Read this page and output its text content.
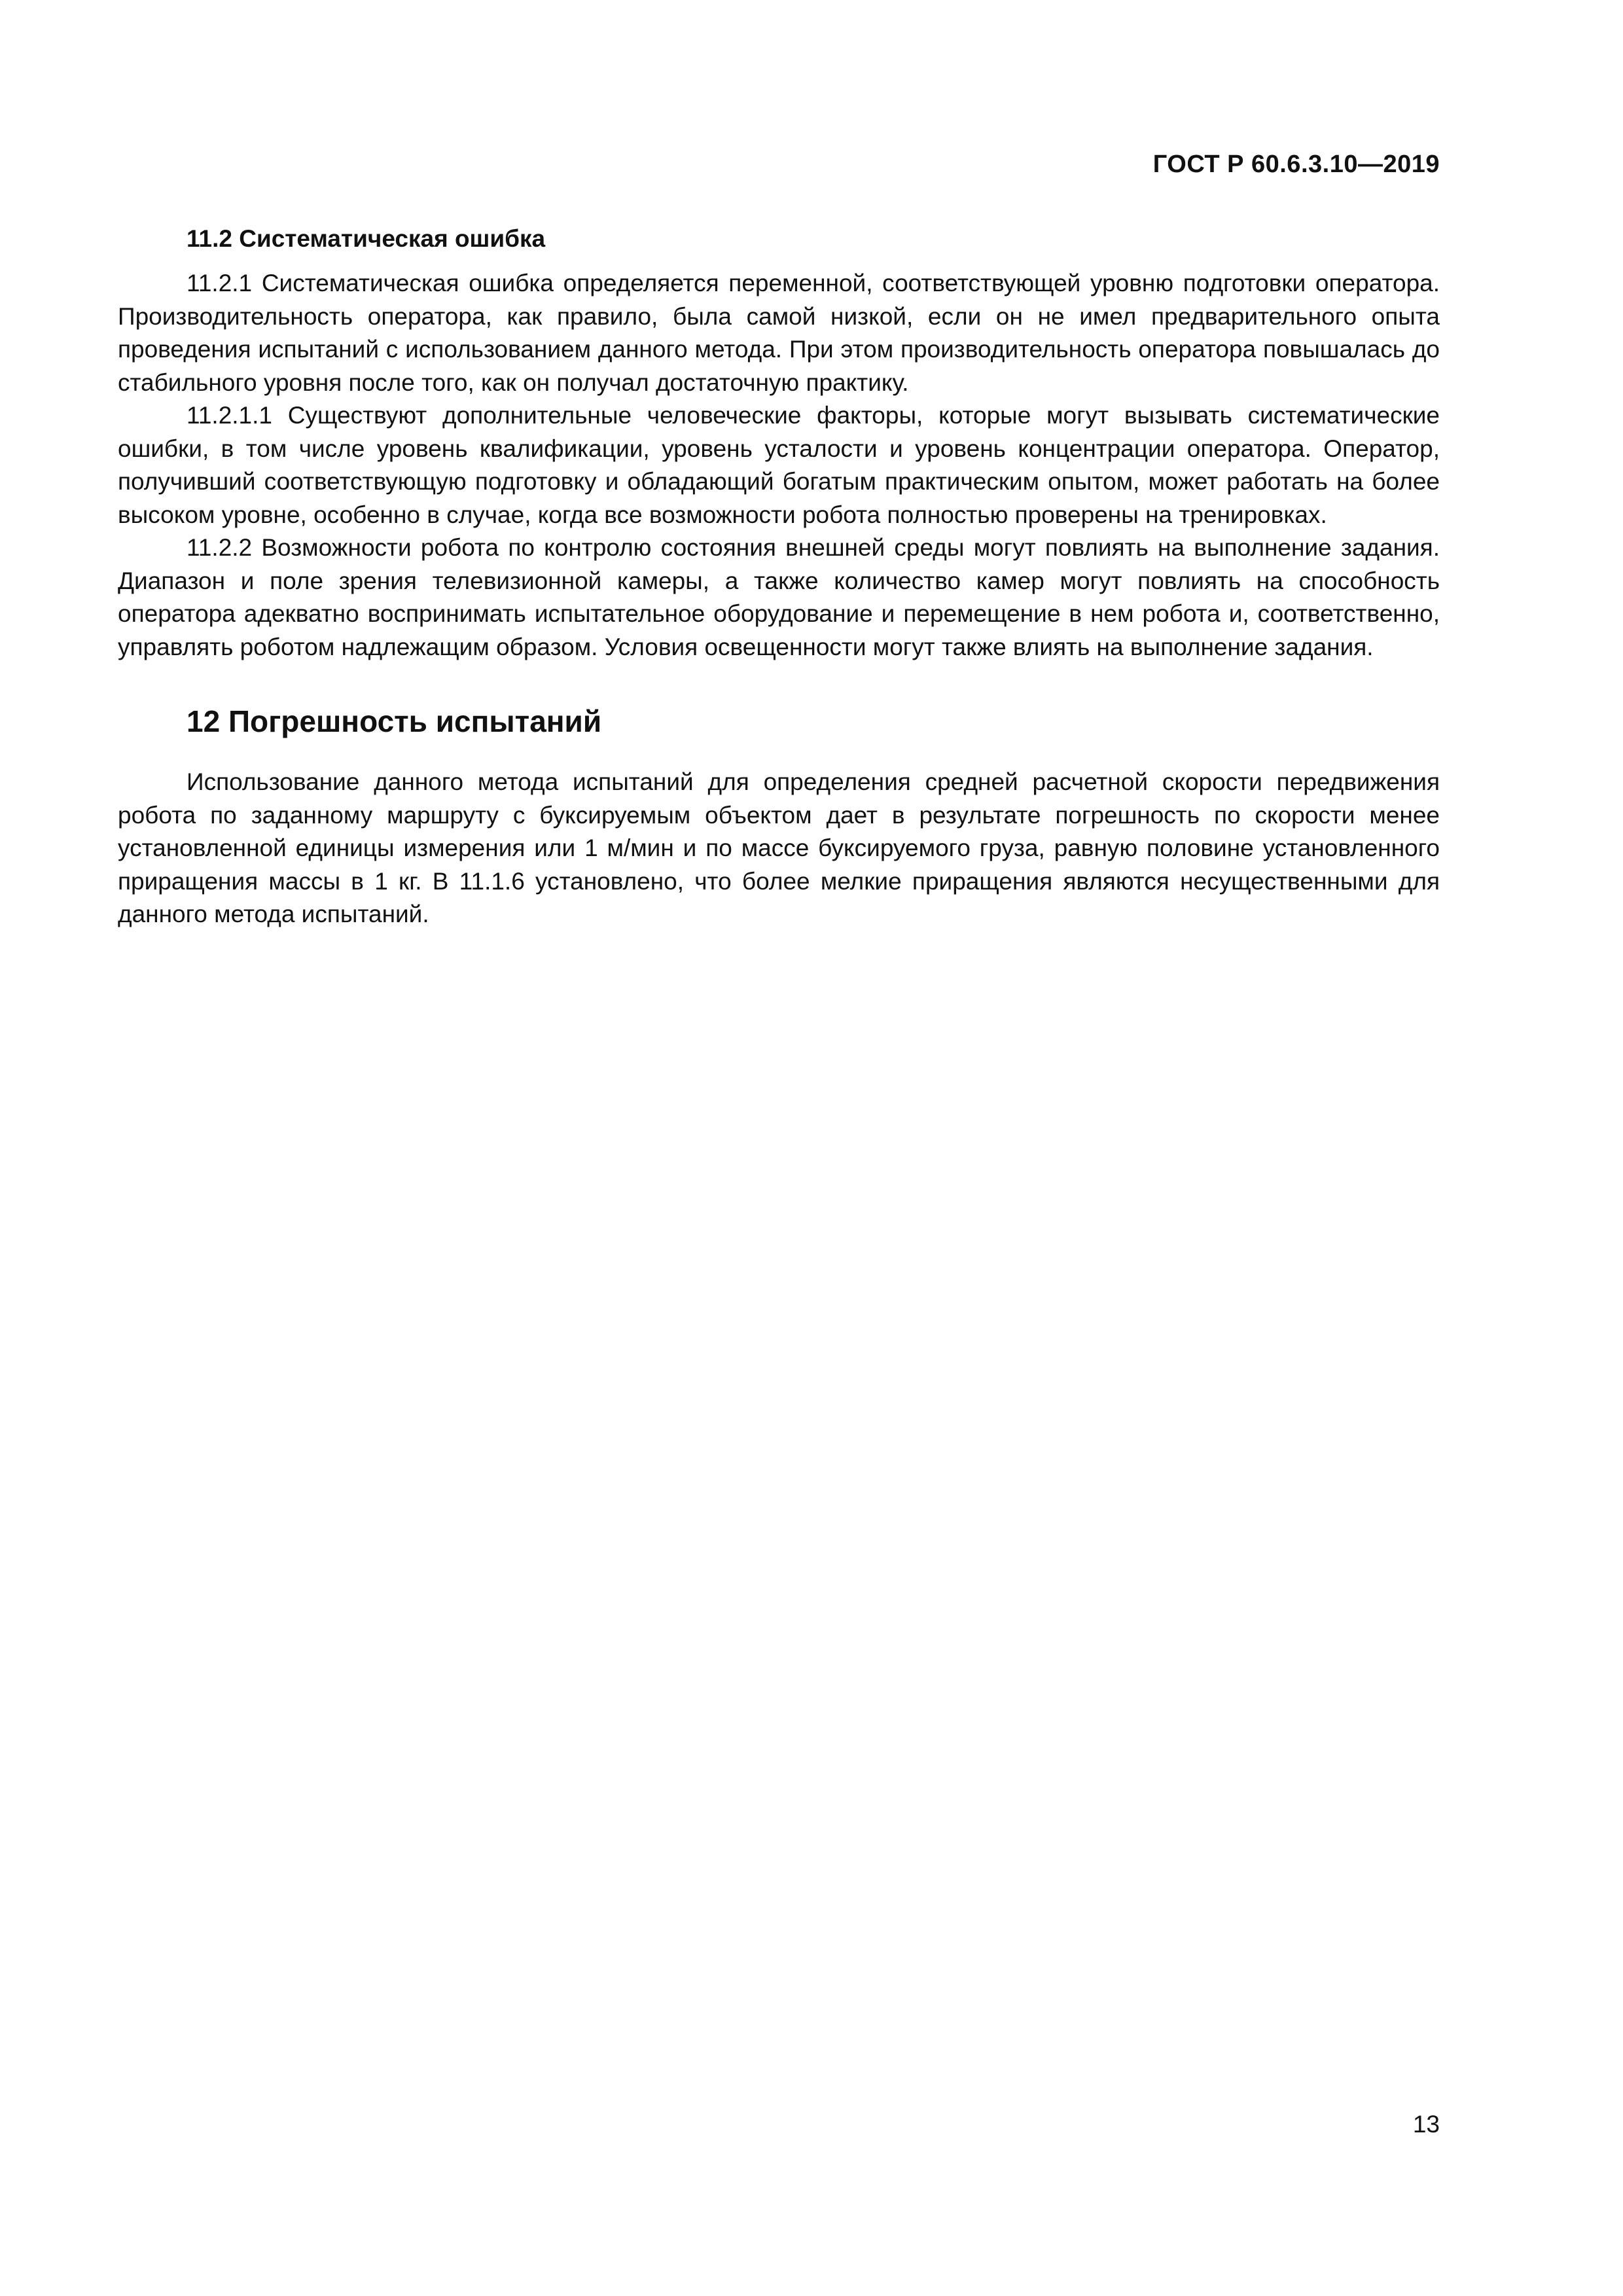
ГОСТ Р 60.6.3.10—2019
11.2 Систематическая ошибка

11.2.1 Систематическая ошибка определяется переменной, соответствующей уровню подготовки оператора. Производительность оператора, как правило, была самой низкой, если он не имел предварительного опыта проведения испытаний с использованием данного метода. При этом производительность оператора повышалась до стабильного уровня после того, как он получал достаточную практику.

11.2.1.1 Существуют дополнительные человеческие факторы, которые могут вызывать систематические ошибки, в том числе уровень квалификации, уровень усталости и уровень концентрации оператора. Оператор, получивший соответствующую подготовку и обладающий богатым практическим опытом, может работать на более высоком уровне, особенно в случае, когда все возможности робота полностью проверены на тренировках.

11.2.2 Возможности робота по контролю состояния внешней среды могут повлиять на выполнение задания. Диапазон и поле зрения телевизионной камеры, а также количество камер могут повлиять на способность оператора адекватно воспринимать испытательное оборудование и перемещение в нем робота и, соответственно, управлять роботом надлежащим образом. Условия освещенности могут также влиять на выполнение задания.

12 Погрешность испытаний

Использование данного метода испытаний для определения средней расчетной скорости передвижения робота по заданному маршруту с буксируемым объектом дает в результате погрешность по скорости менее установленной единицы измерения или 1 м/мин и по массе буксируемого груза, равную половине установленного приращения массы в 1 кг. В 11.1.6 установлено, что более мелкие приращения являются несущественными для данного метода испытаний.

13
